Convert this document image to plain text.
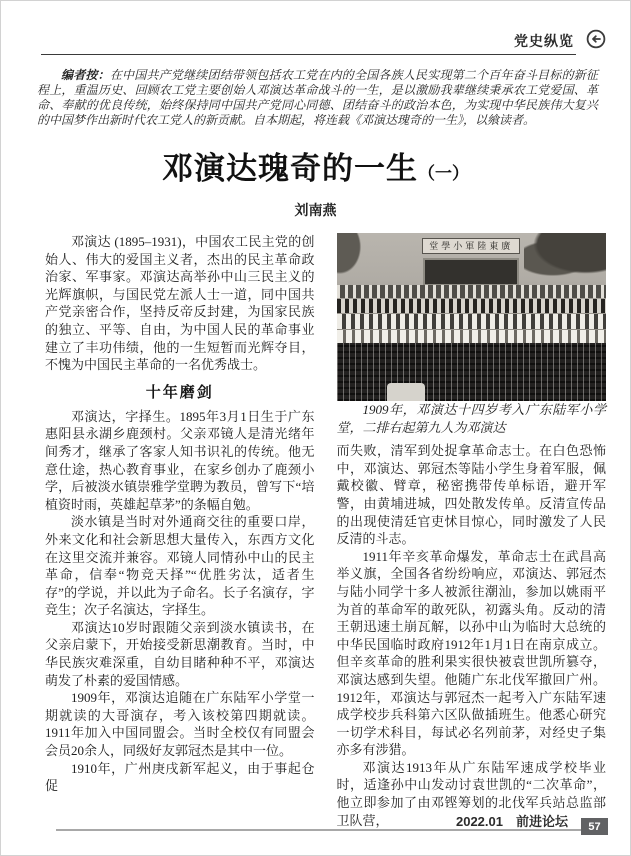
党史纵览

编者按：在中国共产党继续团结带领包括农工党在内的全国各族人民实现第二个百年奋斗目标的新征程上，重温历史、回顾农工党主要创始人邓演达革命战斗的一生，是以激励我辈继续秉承农工党爱国、革命、奉献的优良传统，始终保持同中国共产党同心同德、团结奋斗的政治本色，为实现中华民族伟大复兴的中国梦作出新时代农工党人的新贡献。自本期起，将连载《邓演达瑰奇的一生》，以飨读者。

邓演达瑰奇的一生（一）
刘南燕

邓演达 (1895–1931)，中国农工民主党的创始人、伟大的爱国主义者，杰出的民主革命政治家、军事家。邓演达高举孙中山三民主义的光辉旗帜，与国民党左派人士一道，同中国共产党亲密合作，坚持反帝反封建，为国家民族的独立、平等、自由，为中国人民的革命事业建立了丰功伟绩，他的一生短暂而光辉夺目，不愧为中国民主革命的一名优秀战士。

十年磨剑

邓演达，字择生。1895年3月1日生于广东惠阳县永湖乡鹿颈村。父亲邓镜人是清光绪年间秀才，继承了客家人知书识礼的传统。他无意仕途，热心教育事业，在家乡创办了鹿颈小学，后被淡水镇崇雅学堂聘为教员，曾写下“培植资时雨，英雄起草茅”的条幅自勉。

淡水镇是当时对外通商交往的重要口岸，外来文化和社会新思想大量传入，东西方文化在这里交流并兼容。邓镜人同情孙中山的民主革命，信奉“物竞天择”“优胜劣汰，适者生存”的学说，并以此为子命名。长子名演存，字竞生；次子名演达，字择生。

邓演达10岁时跟随父亲到淡水镇读书，在父亲启蒙下，开始接受新思潮教育。当时，中华民族灾难深重，自幼目睹种种不平，邓演达萌发了朴素的爱国情感。

1909年，邓演达追随在广东陆军小学堂一期就读的大哥演存，考入该校第四期就读。1911年加入中国同盟会。当时全校仅有同盟会会员20余人，同级好友郭冠杰是其中一位。

1910年，广州庚戌新军起义，由于事起仓促

堂學小軍陸東廣

1909年，邓演达十四岁考入广东陆军小学堂，二排右起第九人为邓演达

而失败，清军到处捉拿革命志士。在白色恐怖中，邓演达、郭冠杰等陆小学生身着军服，佩戴校徽、臂章，秘密携带传单标语，避开军警，由黄埔进城，四处散发传单。反清宣传品的出现使清廷官吏怵目惊心，同时激发了人民反清的斗志。

1911年辛亥革命爆发，革命志士在武昌高举义旗，全国各省纷纷响应，邓演达、郭冠杰与陆小同学十多人被派往潮汕，参加以姚雨平为首的革命军的敢死队，初露头角。反动的清王朝迅速土崩瓦解，以孙中山为临时大总统的中华民国临时政府1912年1月1日在南京成立。但辛亥革命的胜利果实很快被袁世凯所篡夺，邓演达感到失望。他随广东北伐军撤回广州。1912年，邓演达与郭冠杰一起考入广东陆军速成学校步兵科第六区队做插班生。他悉心研究一切学术科目，每试必名列前茅，对经史子集亦多有涉猎。

邓演达1913年从广东陆军速成学校毕业时，适逢孙中山发动讨袁世凯的“二次革命”，他立即参加了由邓铿筹划的北伐军兵站总监部卫队营，	2022.01 前进论坛 57
